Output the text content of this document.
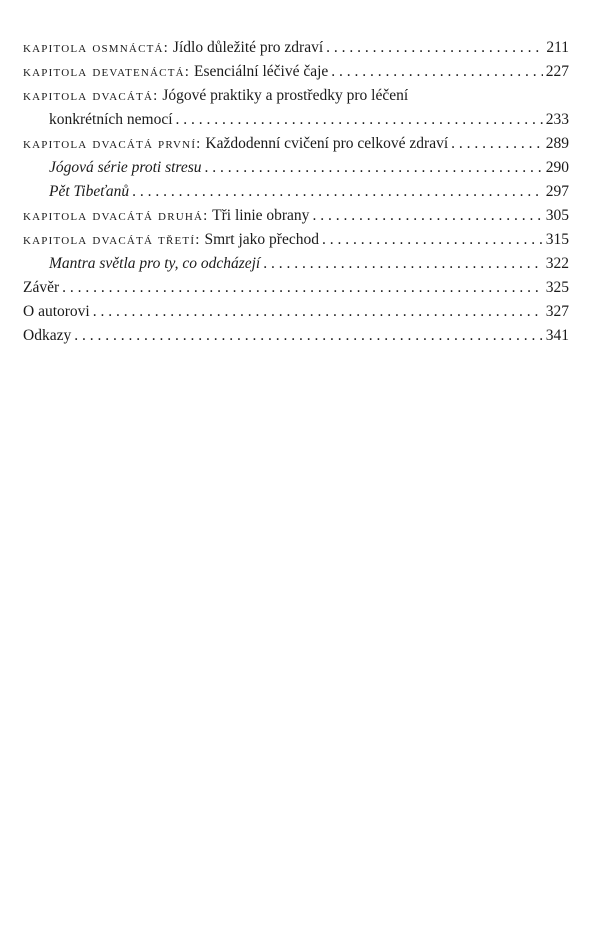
kapitola osmnáctá: Jídlo důležité pro zdraví . . .	211
kapitola devatenáctá: Esenciální léčivé čaje . . .	227
kapitola dvacátá: Jógové praktiky a prostředky pro léčení
konkrétních nemocí . . .	233
kapitola dvacátá první: Každodenní cvičení pro celkové zdraví . . .	289
Jógová série proti stresu . . .	290
Pět Tibeťanů . . .	297
kapitola dvacátá druhá: Tři linie obrany . . .	305
kapitola dvacátá třetí: Smrt jako přechod . . .	315
Mantra světla pro ty, co odcházejí . . .	322
Závěr . . .	325
O autorovi . . .	327
Odkazy . . .	341
